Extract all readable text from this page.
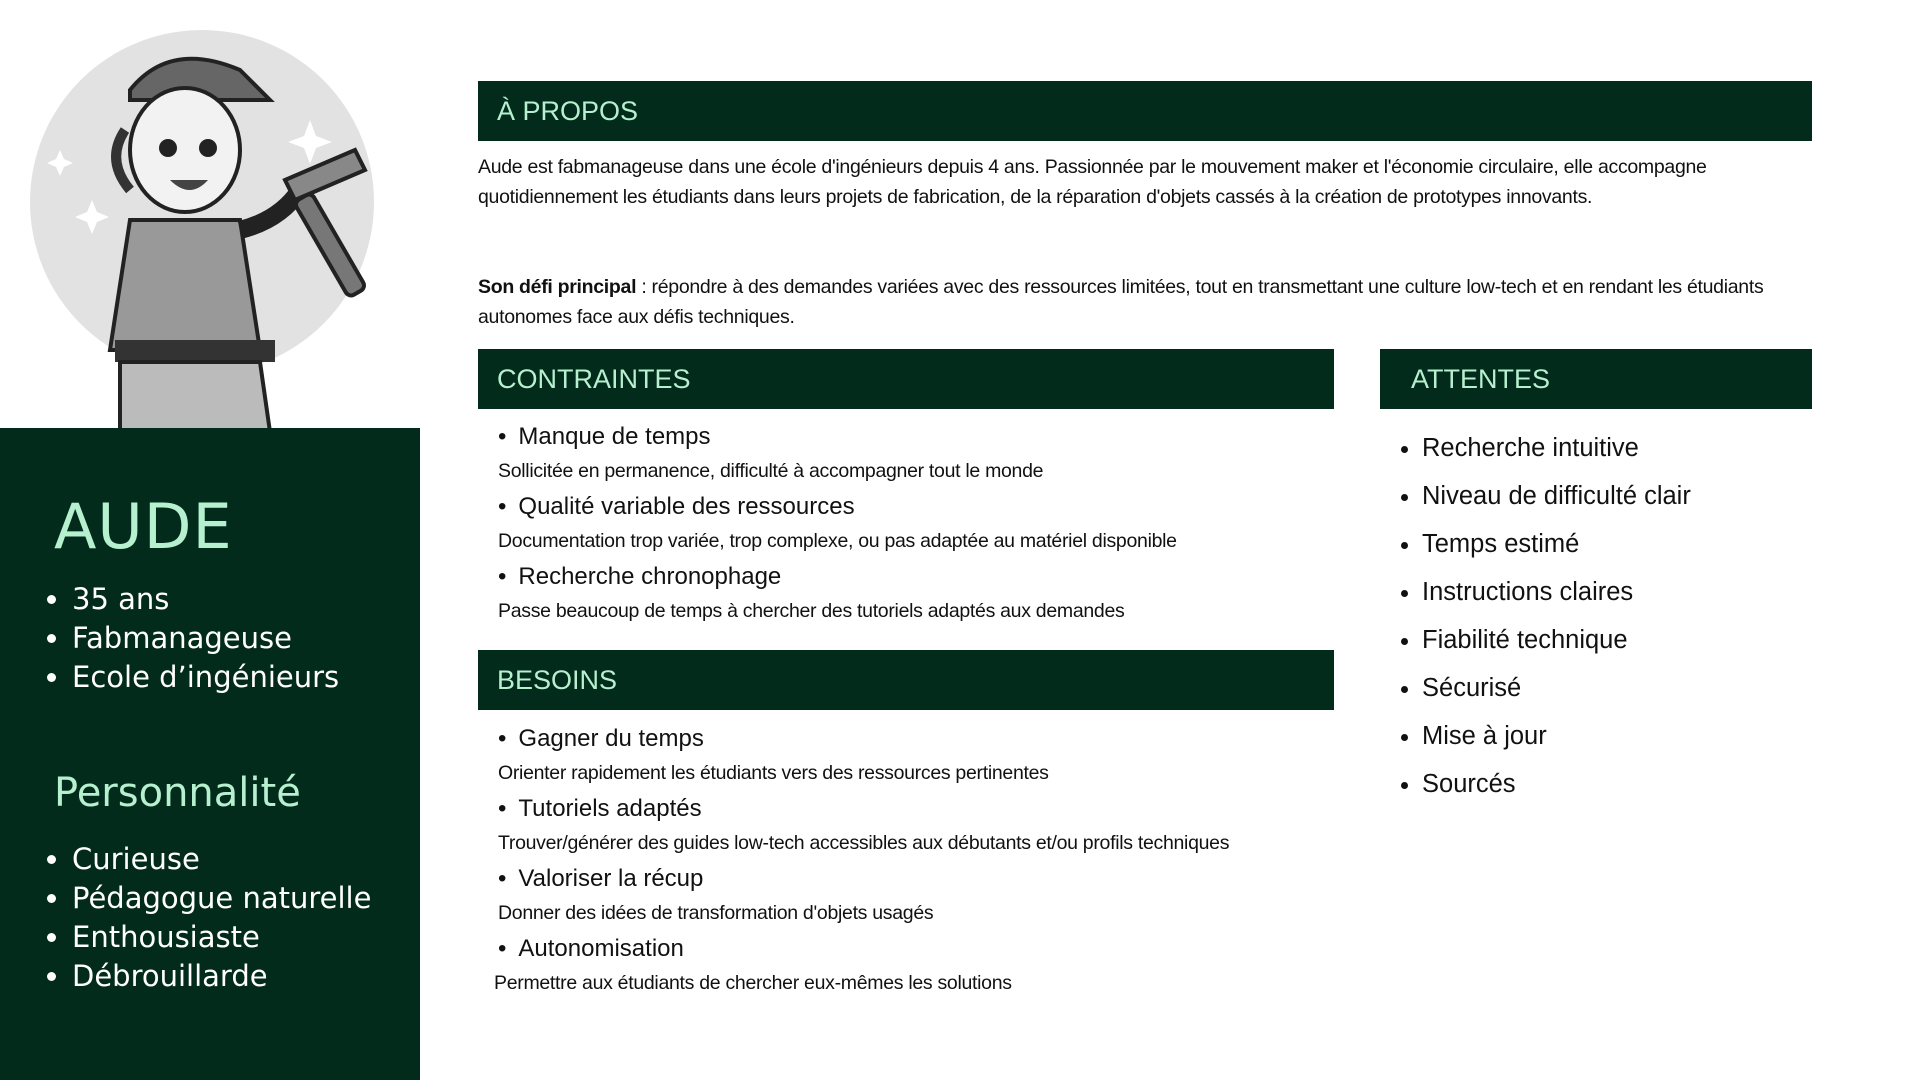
AUDE
• 35 ans
• Fabmanageuse
• Ecole d’ingénieurs
Personnalité
• Curieuse
• Pédagogue naturelle
• Enthousiaste
• Débrouillarde
À PROPOS
Aude est fabmanageuse dans une école d'ingénieurs depuis 4 ans. Passionnée par le mouvement maker et l'économie circulaire, elle accompagne quotidiennement les étudiants dans leurs projets de fabrication, de la réparation d'objets cassés à la création de prototypes innovants.
Son défi principal : répondre à des demandes variées avec des ressources limitées, tout en transmettant une culture low-tech et en rendant les étudiants autonomes face aux défis techniques.
CONTRAINTES
• Manque de temps
Sollicitée en permanence, difficulté à accompagner tout le monde
• Qualité variable des ressources
Documentation trop variée, trop complexe, ou pas adaptée au matériel disponible
• Recherche chronophage
Passe beaucoup de temps à chercher des tutoriels adaptés aux demandes
BESOINS
• Gagner du temps
Orienter rapidement les étudiants vers des ressources pertinentes
• Tutoriels adaptés
Trouver/générer des guides low-tech accessibles aux débutants et/ou profils techniques
• Valoriser la récup
Donner des idées de transformation d'objets usagés
• Autonomisation
Permettre aux étudiants de chercher eux-mêmes les solutions
ATTENTES
• Recherche intuitive
• Niveau de difficulté clair
• Temps estimé
• Instructions claires
• Fiabilité technique
• Sécurisé
• Mise à jour
• Sourcés
